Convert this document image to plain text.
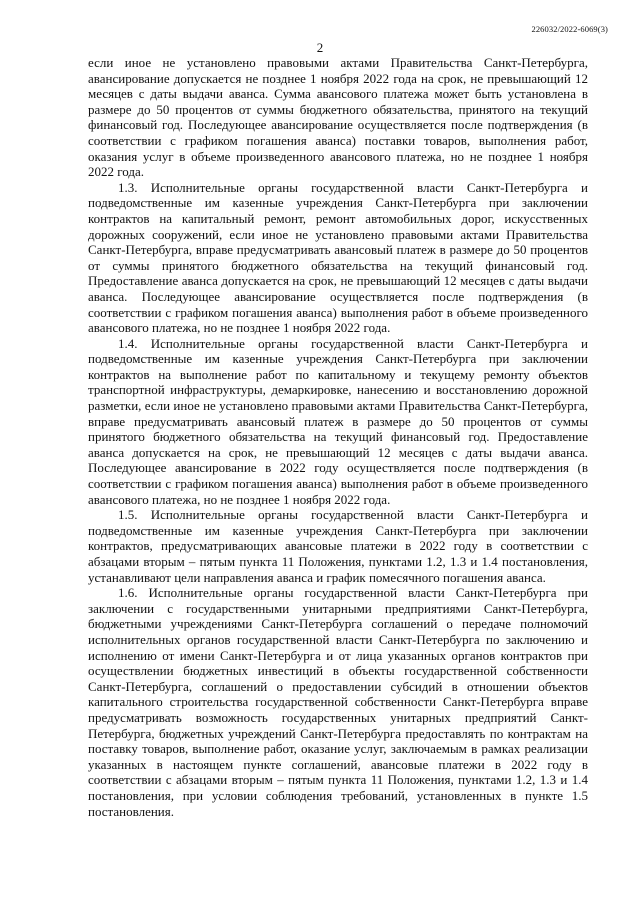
226032/2022-6069(3)
2

если иное не установлено правовыми актами Правительства Санкт-Петербурга, авансирование допускается не позднее 1 ноября 2022 года на срок, не превышающий 12 месяцев с даты выдачи аванса. Сумма авансового платежа может быть установлена в размере до 50 процентов от суммы бюджетного обязательства, принятого на текущий финансовый год. Последующее авансирование осуществляется после подтверждения (в соответствии с графиком погашения аванса) поставки товаров, выполнения работ, оказания услуг в объеме произведенного авансового платежа, но не позднее 1 ноября 2022 года.

1.3. Исполнительные органы государственной власти Санкт-Петербурга и подведомственные им казенные учреждения Санкт-Петербурга при заключении контрактов на капитальный ремонт, ремонт автомобильных дорог, искусственных дорожных сооружений, если иное не установлено правовыми актами Правительства Санкт-Петербурга, вправе предусматривать авансовый платеж в размере до 50 процентов от суммы принятого бюджетного обязательства на текущий финансовый год. Предоставление аванса допускается на срок, не превышающий 12 месяцев с даты выдачи аванса. Последующее авансирование осуществляется после подтверждения (в соответствии с графиком погашения аванса) выполнения работ в объеме произведенного авансового платежа, но не позднее 1 ноября 2022 года.

1.4. Исполнительные органы государственной власти Санкт-Петербурга и подведомственные им казенные учреждения Санкт-Петербурга при заключении контрактов на выполнение работ по капитальному и текущему ремонту объектов транспортной инфраструктуры, демаркировке, нанесению и восстановлению дорожной разметки, если иное не установлено правовыми актами Правительства Санкт-Петербурга, вправе предусматривать авансовый платеж в размере до 50 процентов от суммы принятого бюджетного обязательства на текущий финансовый год. Предоставление аванса допускается на срок, не превышающий 12 месяцев с даты выдачи аванса. Последующее авансирование в 2022 году осуществляется после подтверждения (в соответствии с графиком погашения аванса) выполнения работ в объеме произведенного авансового платежа, но не позднее 1 ноября 2022 года.

1.5. Исполнительные органы государственной власти Санкт-Петербурга и подведомственные им казенные учреждения Санкт-Петербурга при заключении контрактов, предусматривающих авансовые платежи в 2022 году в соответствии с абзацами вторым – пятым пункта 11 Положения, пунктами 1.2, 1.3 и 1.4 постановления, устанавливают цели направления аванса и график помесячного погашения аванса.

1.6. Исполнительные органы государственной власти Санкт-Петербурга при заключении с государственными унитарными предприятиями Санкт-Петербурга, бюджетными учреждениями Санкт-Петербурга соглашений о передаче полномочий исполнительных органов государственной власти Санкт-Петербурга по заключению и исполнению от имени Санкт-Петербурга и от лица указанных органов контрактов при осуществлении бюджетных инвестиций в объекты государственной собственности Санкт-Петербурга, соглашений о предоставлении субсидий в отношении объектов капитального строительства государственной собственности Санкт-Петербурга вправе предусматривать возможность государственных унитарных предприятий Санкт-Петербурга, бюджетных учреждений Санкт-Петербурга предоставлять по контрактам на поставку товаров, выполнение работ, оказание услуг, заключаемым в рамках реализации указанных в настоящем пункте соглашений, авансовые платежи в 2022 году в соответствии с абзацами вторым – пятым пункта 11 Положения, пунктами 1.2, 1.3 и 1.4 постановления, при условии соблюдения требований, установленных в пункте 1.5 постановления.
